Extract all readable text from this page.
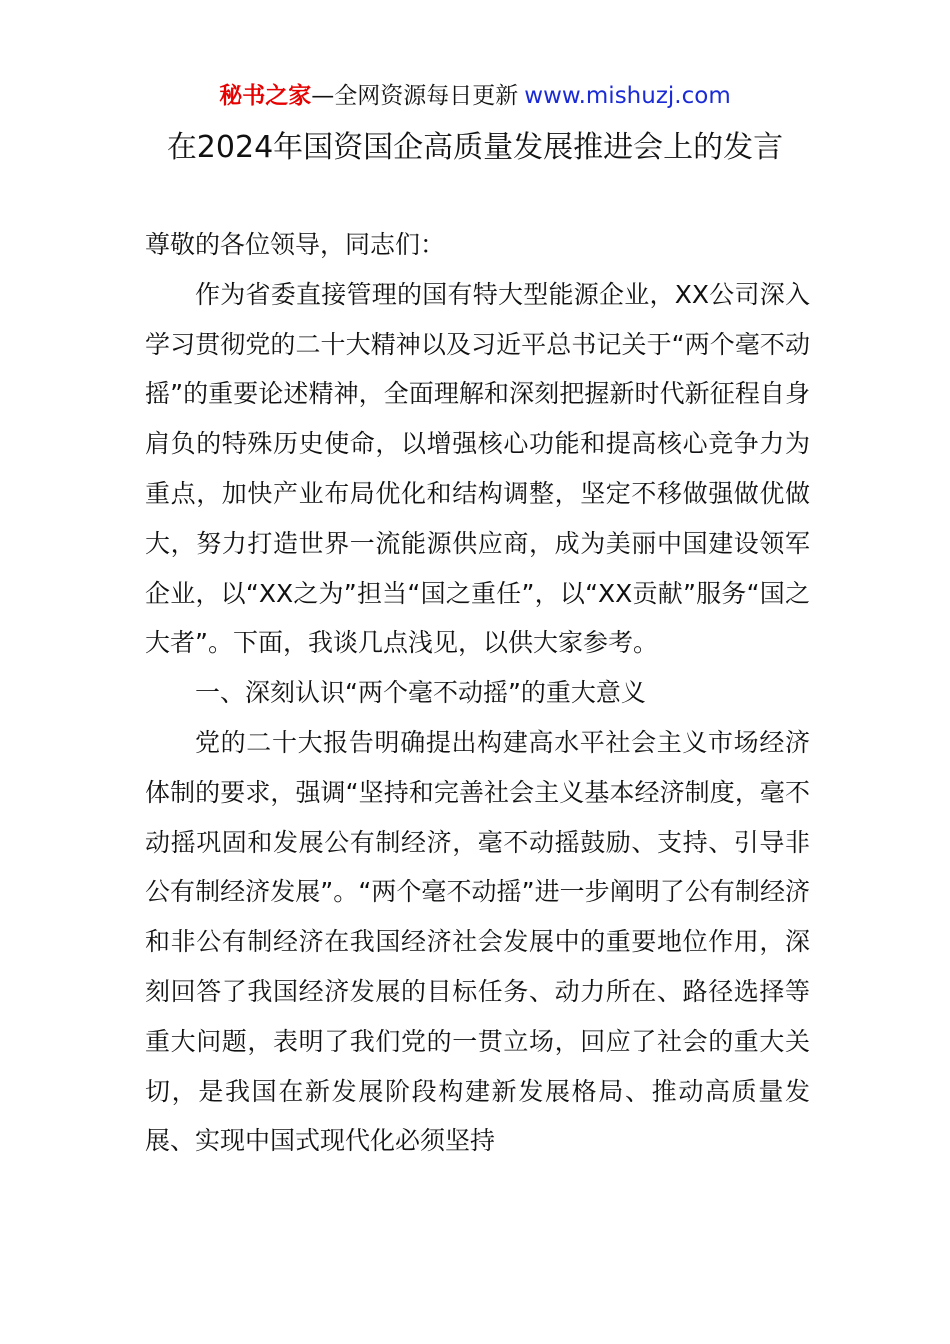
秘书之家—全网资源每日更新 www.mishuzj.com
在2024年国资国企高质量发展推进会上的发言

尊敬的各位领导，同志们：

作为省委直接管理的国有特大型能源企业，XX公司深入学习贯彻党的二十大精神以及习近平总书记关于“两个毫不动摇”的重要论述精神，全面理解和深刻把握新时代新征程自身肩负的特殊历史使命，以增强核心功能和提高核心竞争力为重点，加快产业布局优化和结构调整，坚定不移做强做优做大，努力打造世界一流能源供应商，成为美丽中国建设领军企业，以“XX之为”担当“国之重任”，以“XX贡献”服务“国之大者”。下面，我谈几点浅见，以供大家参考。

一、深刻认识“两个毫不动摇”的重大意义

党的二十大报告明确提出构建高水平社会主义市场经济体制的要求，强调“坚持和完善社会主义基本经济制度，毫不动摇巩固和发展公有制经济，毫不动摇鼓励、支持、引导非公有制经济发展”。“两个毫不动摇”进一步阐明了公有制经济和非公有制经济在我国经济社会发展中的重要地位作用，深刻回答了我国经济发展的目标任务、动力所在、路径选择等重大问题，表明了我们党的一贯立场，回应了社会的重大关切，是我国在新发展阶段构建新发展格局、推动高质量发展、实现中国式现代化必须坚持
